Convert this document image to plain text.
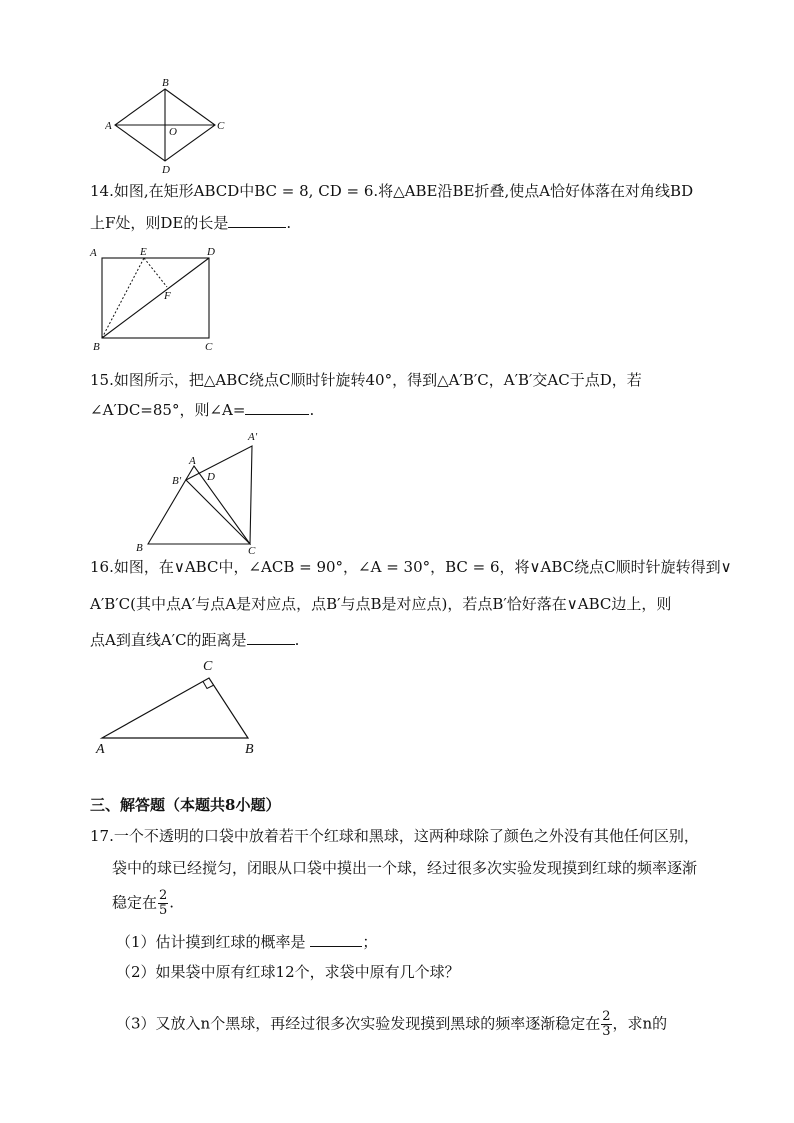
B
A	O	C
D
14.如图,在矩形ABCD中BC = 8, CD = 6.将△ABE沿BE折叠,使点A恰好体落在对角线BD
上F处，则DE的长是	.
A	E	D
F
B	C
15.如图所示，把△ABC绕点C顺时针旋转40°，得到△A′B′C，A′B′交AC于点D，若
∠A′DC=85°，则∠A=	.
A′
A
B′ D
B	C
16.如图，在∨ABC中，∠ACB = 90°，∠A = 30°，BC = 6，将∨ABC绕点C顺时针旋转得到∨
A′B′C(其中点A′与点A是对应点，点B′与点B是对应点)，若点B′恰好落在∨ABC边上，则
点A到直线A′C的距离是	.
C
A	B
三、解答题（本题共8小题）
17.一个不透明的口袋中放着若干个红球和黑球，这两种球除了颜色之外没有其他任何区别，
袋中的球已经搅匀，闭眼从口袋中摸出一个球，经过很多次实验发现摸到红球的频率逐渐
稳定在 $\frac{2}{5}$ .
（1）估计摸到红球的概率是	；
（2）如果袋中原有红球12个，求袋中原有几个球？
（3）又放入n个黑球，再经过很多次实验发现摸到黑球的频率逐渐稳定在 $\frac{2}{3}$ ，求n的
